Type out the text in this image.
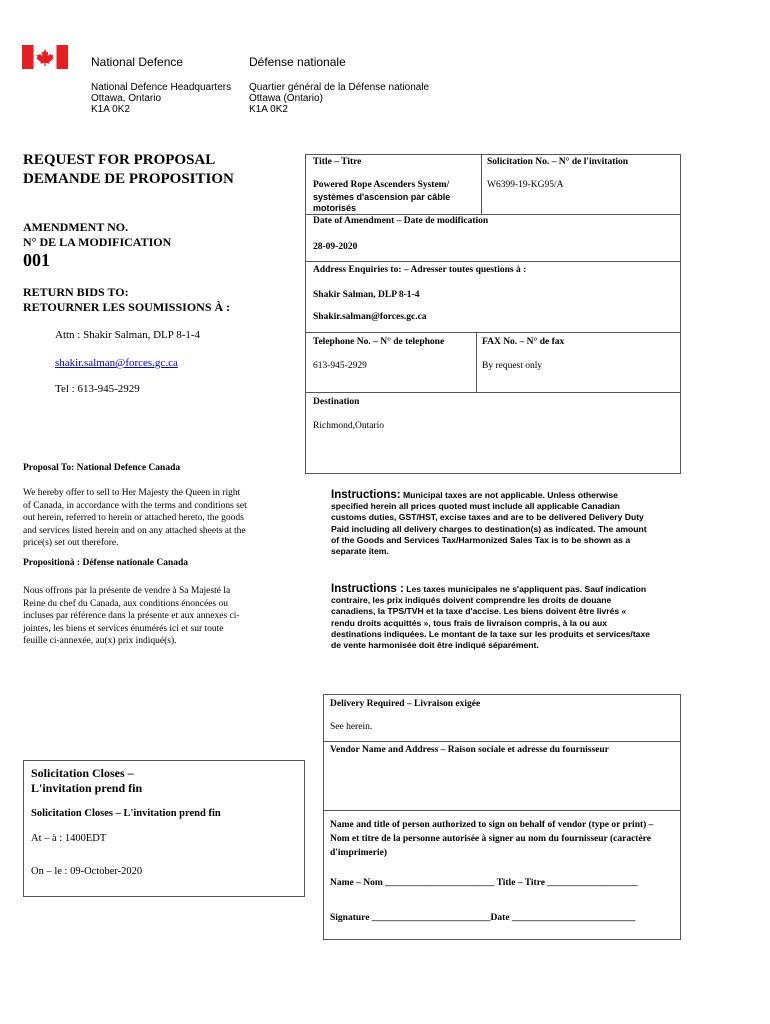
National Defence	Défense nationale
National Defence Headquarters
Ottawa, Ontario
K1A 0K2
Quartier général de la Défense nationale
Ottawa (Ontario)
K1A 0K2
REQUEST FOR PROPOSAL
DEMANDE DE PROPOSITION
AMENDMENT NO.
N° DE LA MODIFICATION
001
RETURN BIDS TO:
RETOURNER LES SOUMISSIONS À :
Attn : Shakir Salman, DLP 8-1-4
shakir.salman@forces.gc.ca
Tel : 613-945-2929
Proposal To: National Defence Canada
We hereby offer to sell to Her Majesty the Queen in right of Canada, in accordance with the terms and conditions set out herein, referred to herein or attached hereto, the goods and services listed herein and on any attached sheets at the price(s) set out therefore.
Propositionà : Défense nationale Canada
Nous offrons par la présente de vendre à Sa Majesté la Reine du chef du Canada, aux conditions énoncées ou incluses par référence dans la présente et aux annexes ci-jointes, les biens et services énumérés ici et sur toute feuille ci-annexée, au(x) prix indiqué(s).
Title – Titre
Powered Rope Ascenders System/
systèmes d'ascension par câble motorisés
Solicitation No. – N° de l'invitation
W6399-19-KG95/A
Date of Amendment – Date de modification
28-09-2020
Address Enquiries to: – Adresser toutes questions à :
Shakir Salman, DLP 8-1-4
Shakir.salman@forces.gc.ca
Telephone No. – N° de telephone
613-945-2929
FAX No. – N° de fax
By request only
Destination
Richmond,Ontario
Instructions: Municipal taxes are not applicable. Unless otherwise specified herein all prices quoted must include all applicable Canadian customs duties, GST/HST, excise taxes and are to be delivered Delivery Duty Paid including all delivery charges to destination(s) as indicated. The amount of the Goods and Services Tax/Harmonized Sales Tax is to be shown as a separate item.
Instructions : Les taxes municipales ne s'appliquent pas. Sauf indication contraire, les prix indiqués doivent comprendre les droits de douane canadiens, la TPS/TVH et la taxe d'accise. Les biens doivent être livrés « rendu droits acquittés », tous frais de livraison compris, à la ou aux destinations indiquées. Le montant de la taxe sur les produits et services/taxe de vente harmonisée doit être indiqué séparément.
Delivery Required – Livraison exigée
See herein.
Vendor Name and Address – Raison sociale et adresse du fournisseur
Name and title of person authorized to sign on behalf of vendor (type or print) – Nom et titre de la personne autorisée à signer au nom du fournisseur (caractère d'imprimerie)
Name – Nom _______________________ Title – Titre ___________________
Signature _________________________Date __________________________
Solicitation Closes – L'invitation prend fin
Solicitation Closes – L'invitation prend fin
At – à : 1400EDT
On – le : 09-October-2020
